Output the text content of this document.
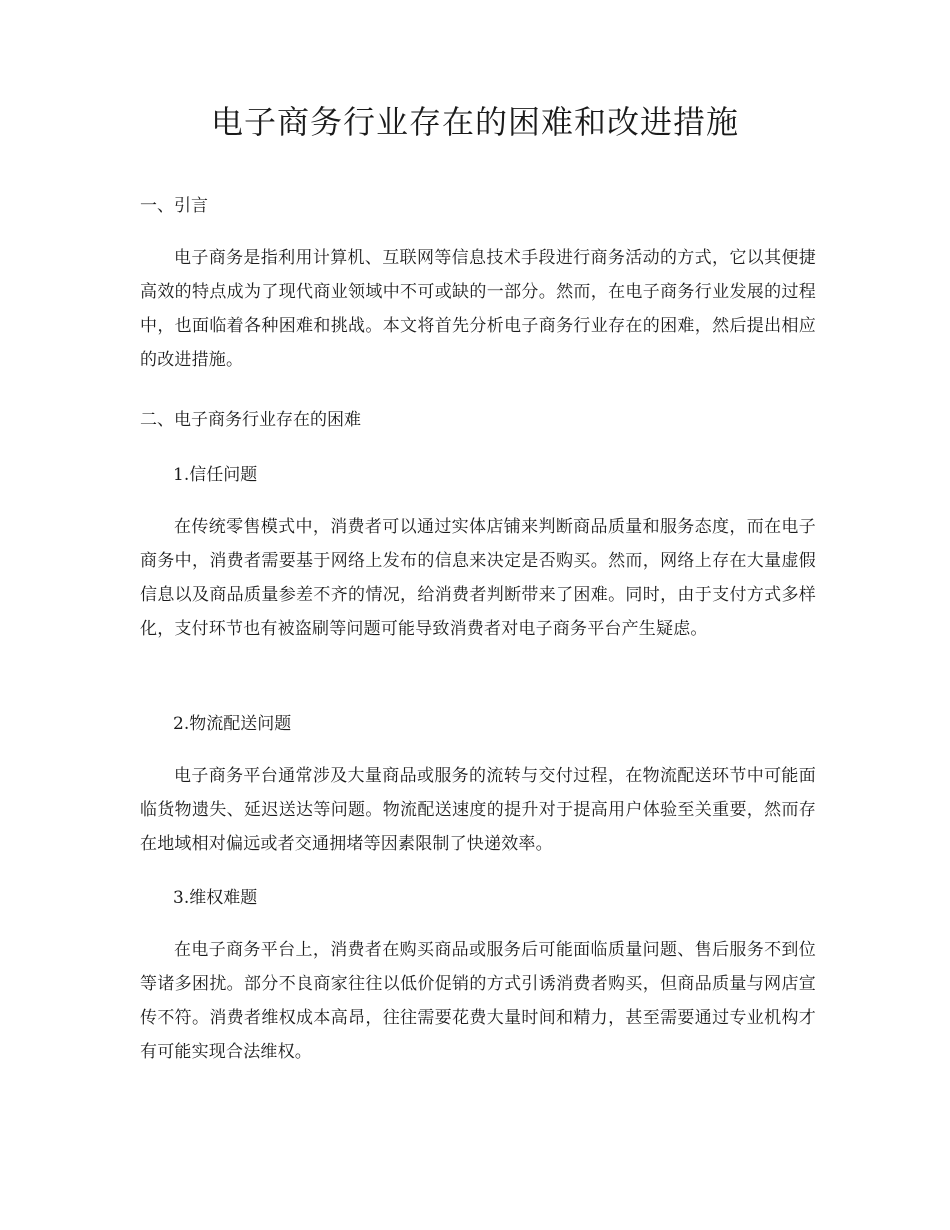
电子商务行业存在的困难和改进措施
一、引言

电子商务是指利用计算机、互联网等信息技术手段进行商务活动的方式，它以其便捷高效的特点成为了现代商业领域中不可或缺的一部分。然而，在电子商务行业发展的过程中，也面临着各种困难和挑战。本文将首先分析电子商务行业存在的困难，然后提出相应的改进措施。

二、电子商务行业存在的困难
1.信任问题

在传统零售模式中，消费者可以通过实体店铺来判断商品质量和服务态度，而在电子商务中，消费者需要基于网络上发布的信息来决定是否购买。然而，网络上存在大量虚假信息以及商品质量参差不齐的情况，给消费者判断带来了困难。同时，由于支付方式多样化，支付环节也有被盗刷等问题可能导致消费者对电子商务平台产生疑虑。

2.物流配送问题

电子商务平台通常涉及大量商品或服务的流转与交付过程，在物流配送环节中可能面临货物遗失、延迟送达等问题。物流配送速度的提升对于提高用户体验至关重要，然而存在地域相对偏远或者交通拥堵等因素限制了快递效率。

3.维权难题

在电子商务平台上，消费者在购买商品或服务后可能面临质量问题、售后服务不到位等诸多困扰。部分不良商家往往以低价促销的方式引诱消费者购买，但商品质量与网店宣传不符。消费者维权成本高昂，往往需要花费大量时间和精力，甚至需要通过专业机构才有可能实现合法维权。
